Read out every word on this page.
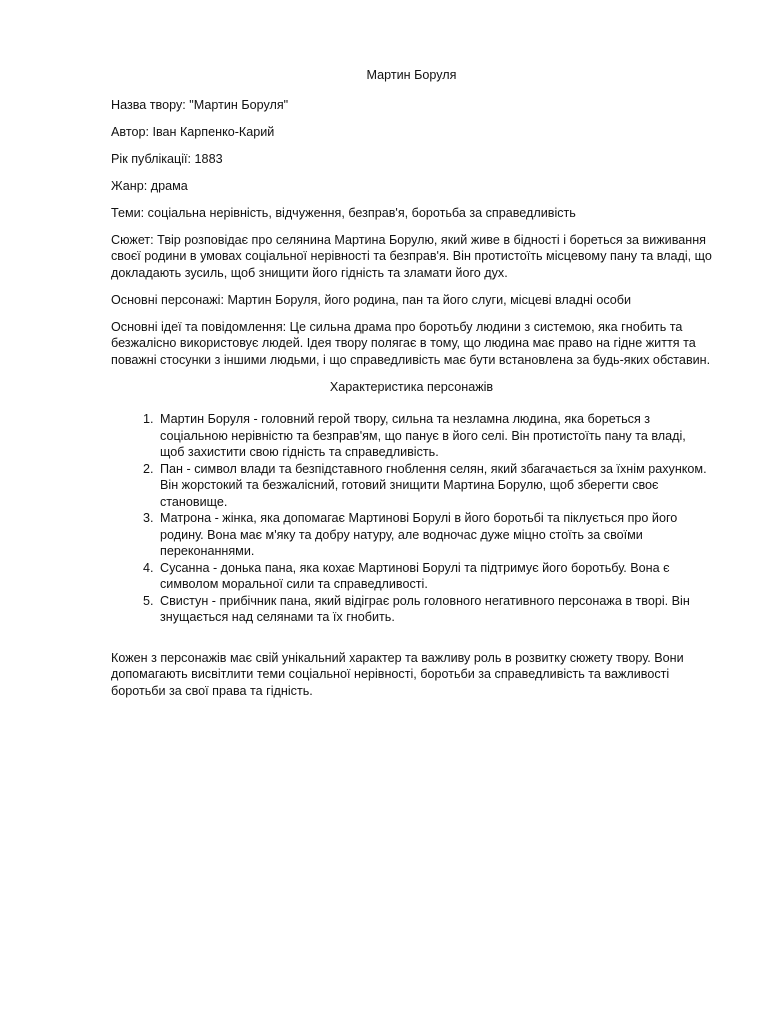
Мартин Боруля

Назва твору: "Мартин Боруля"

Автор: Іван Карпенко-Карий

Рік публікації: 1883

Жанр: драма

Теми: соціальна нерівність, відчуження, безправ'я, боротьба за справедливість

Сюжет: Твір розповідає про селянина Мартина Борулю, який живе в бідності і бореться за виживання своєї родини в умовах соціальної нерівності та безправ'я. Він протистоїть місцевому пану та владі, що докладають зусиль, щоб знищити його гідність та зламати його дух.

Основні персонажі: Мартин Боруля, його родина, пан та його слуги, місцеві владні особи

Основні ідеї та повідомлення: Це сильна драма про боротьбу людини з системою, яка гнобить та безжалісно використовує людей. Ідея твору полягає в тому, що людина має право на гідне життя та поважні стосунки з іншими людьми, і що справедливість має бути встановлена за будь-яких обставин.

Характеристика персонажів
1. Мартин Боруля - головний герой твору, сильна та незламна людина, яка бореться з соціальною нерівністю та безправ'ям, що панує в його селі. Він протистоїть пану та владі, щоб захистити свою гідність та справедливість.
2. Пан - символ влади та безпідставного гноблення селян, який збагачається за їхнім рахунком. Він жорстокий та безжалісний, готовий знищити Мартина Борулю, щоб зберегти своє становище.
3. Матрона - жінка, яка допомагає Мартинові Борулі в його боротьбі та піклується про його родину. Вона має м'яку та добру натуру, але водночас дуже міцно стоїть за своїми переконаннями.
4. Сусанна - донька пана, яка кохає Мартинові Борулі та підтримує його боротьбу. Вона є символом моральної сили та справедливості.
5. Свистун - прибічник пана, який відіграє роль головного негативного персонажа в творі. Він знущається над селянами та їх гнобить.

Кожен з персонажів має свій унікальний характер та важливу роль в розвитку сюжету твору. Вони допомагають висвітлити теми соціальної нерівності, боротьби за справедливість та важливості боротьби за свої права та гідність.
